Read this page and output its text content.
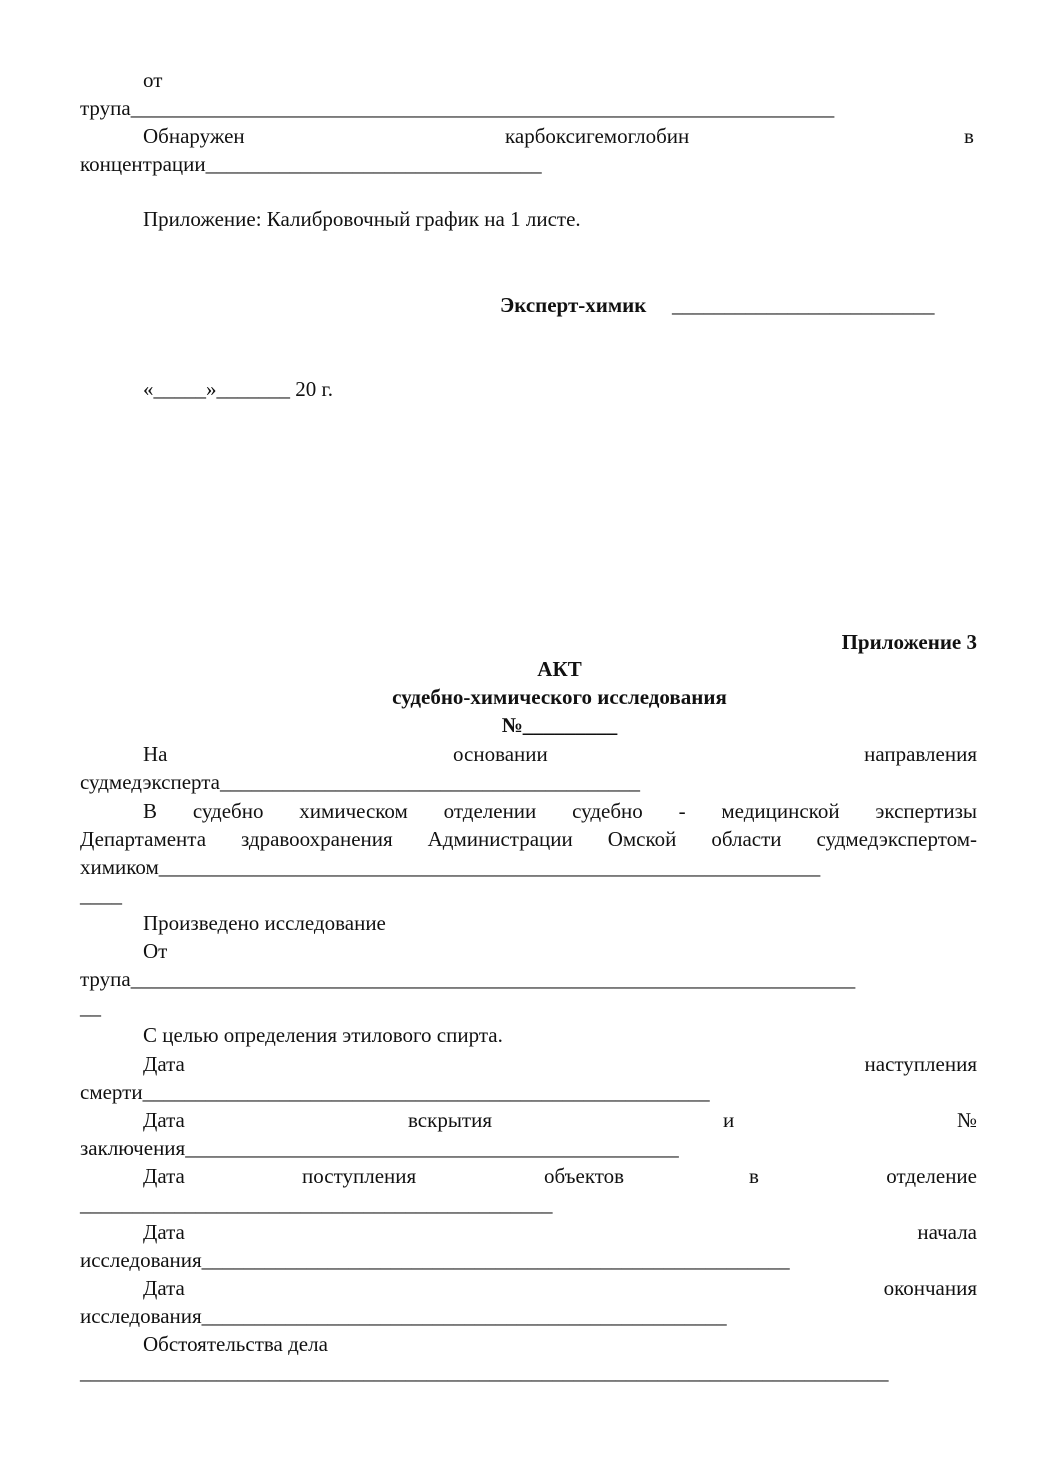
от
трупа___________________________________________________________________
Обнаружен	карбоксигемоглобин	в
концентрации________________________________
Приложение: Калибровочный график на 1 листе.
Эксперт-химик _________________________
«_____»_______ 20 г.
Приложение 3
АКТ
судебно-химического исследования
№_________
На	основании	направления
судмедэксперта________________________________________
В судебно химическом отделении судебно - медицинской экспертизы
Департамента здравоохранения Администрации Омской области судмедэкспертом-
химиком_______________________________________________________________
____
Произведено исследование
От
трупа_____________________________________________________________________
__
С целью определения этилового спирта.
Дата	наступления
смерти______________________________________________________
Дата	вскрытия	и	№
заключения_______________________________________________
Дата	поступления	объектов	в	отделение
_____________________________________________
Дата	начала
исследования________________________________________________________
Дата	окончания
исследования__________________________________________________
Обстоятельства дела
_____________________________________________________________________________
